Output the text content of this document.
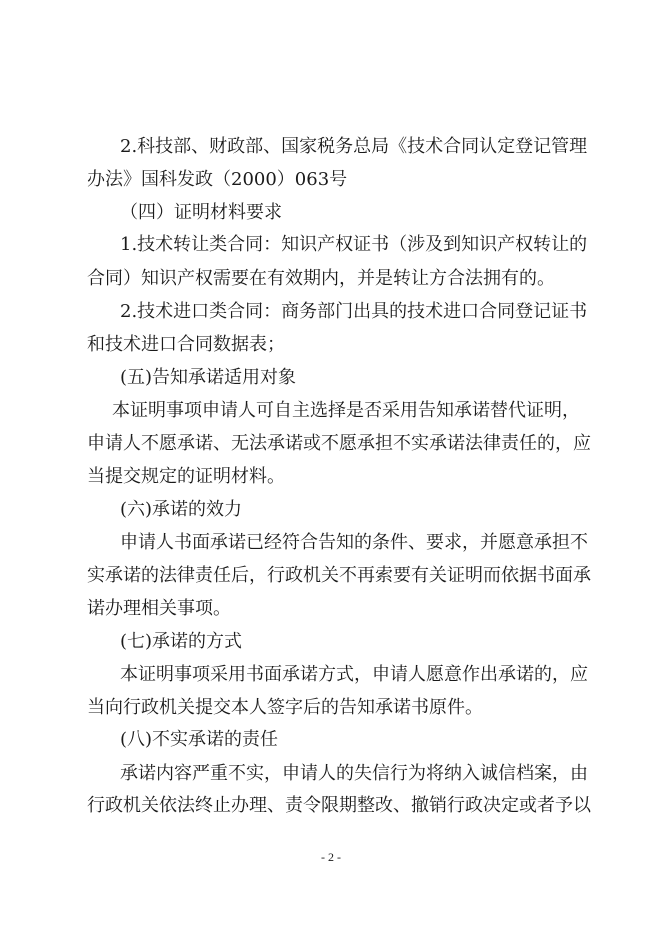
2.科技部、财政部、国家税务总局《技术合同认定登记管理
办法》国科发政（2000）063号
（四）证明材料要求
1.技术转让类合同：知识产权证书（涉及到知识产权转让的
合同）知识产权需要在有效期内，并是转让方合法拥有的。
2.技术进口类合同：商务部门出具的技术进口合同登记证书
和技术进口合同数据表；
(五)告知承诺适用对象
本证明事项申请人可自主选择是否采用告知承诺替代证明，
申请人不愿承诺、无法承诺或不愿承担不实承诺法律责任的，应
当提交规定的证明材料。
(六)承诺的效力
申请人书面承诺已经符合告知的条件、要求，并愿意承担不
实承诺的法律责任后，行政机关不再索要有关证明而依据书面承
诺办理相关事项。
(七)承诺的方式
本证明事项采用书面承诺方式，申请人愿意作出承诺的，应
当向行政机关提交本人签字后的告知承诺书原件。
(八)不实承诺的责任
承诺内容严重不实，申请人的失信行为将纳入诚信档案，由
行政机关依法终止办理、责令限期整改、撤销行政决定或者予以
- 2 -
